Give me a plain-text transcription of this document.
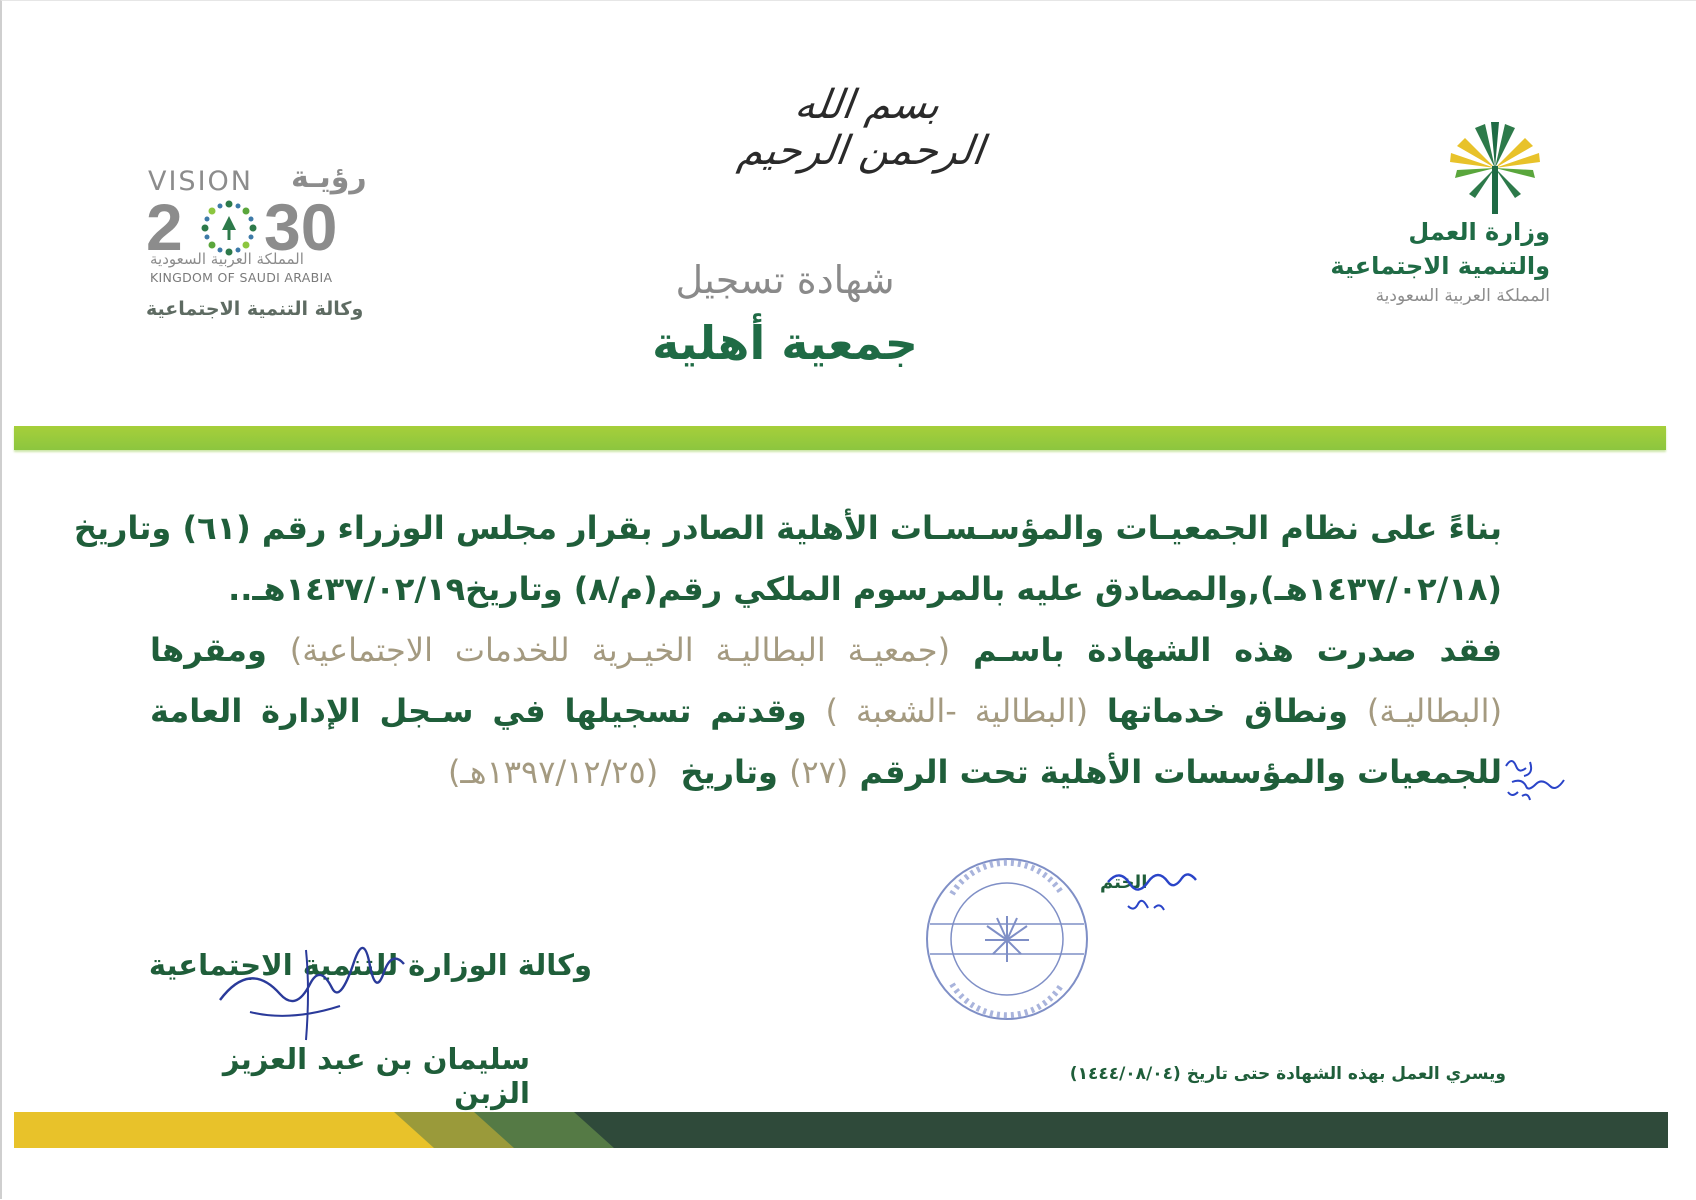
بسم الله الرحمن الرحيم
وزارة العمل
والتنمية الاجتماعية
المملكة العربية السعودية
VISION رؤيـة
2 30
المملكة العربية السعودية
KINGDOM OF SAUDI ARABIA
وكالة التنمية الاجتماعية
شهادة تسجيل
جمعية أهلية
بناءً على نظام الجمعيـات والمؤسـسـات الأهلية الصادر بقرار مجلس الوزراء رقم (٦١) وتاريخ
(١٤٣٧/٠٢/١٨هـ),والمصادق عليه بالمرسوم الملكي رقم(م/٨) وتاريخ١٤٣٧/٠٢/١٩هـ..
فقد صدرت هذه الشهادة باسـم (جمعيـة البطاليـة الخيـرية للخدمات الاجتماعية) ومقرها
(البطاليـة) ونطاق خدماتها (البطالية -الشعبة ) وقدتم تسجيلها في سـجل الإدارة العامة
للجمعيات والمؤسسات الأهلية تحت الرقم (٢٧) وتاريخ  (١٣٩٧/١٢/٢٥هـ)
الختم
وكالة الوزارة للتنمية الاجتماعية
سليمان بن عبد العزيز الزبن
ويسري العمل بهذه الشهادة حتى تاريخ (١٤٤٤/٠٨/٠٤)
